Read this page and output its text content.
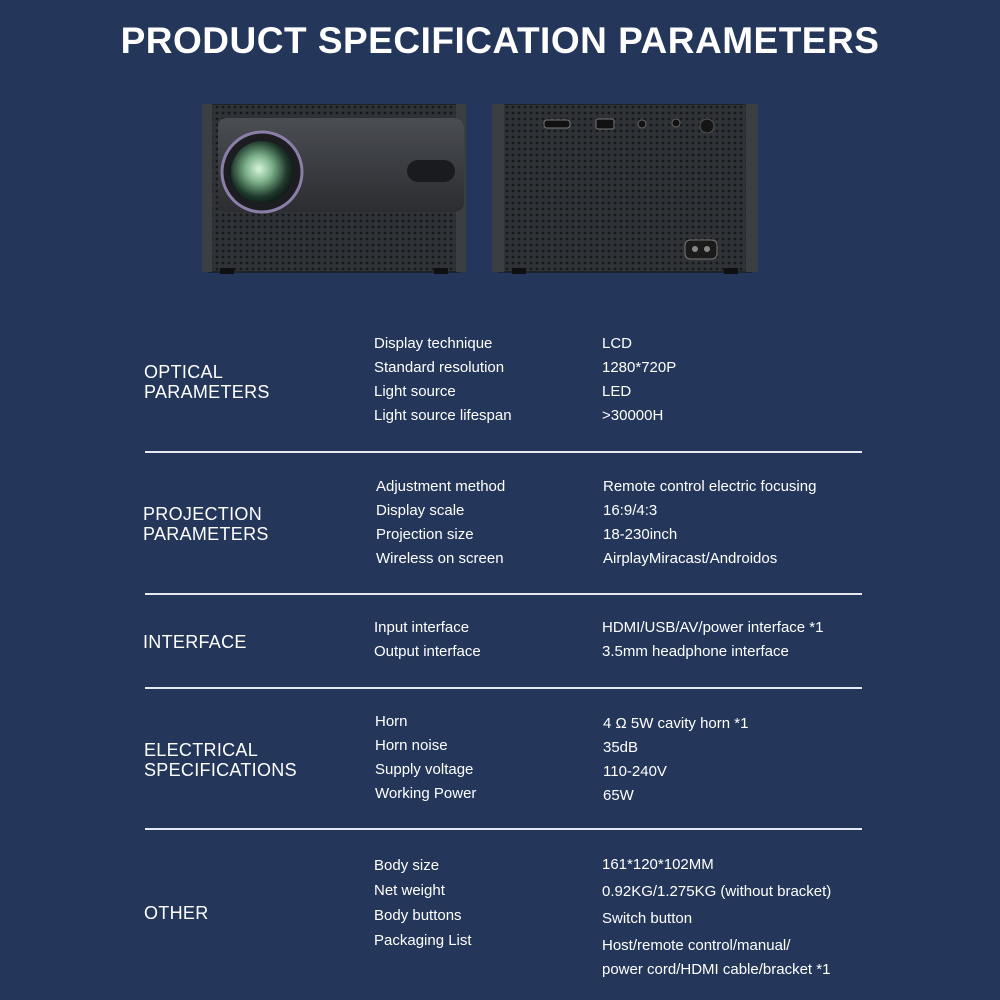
PRODUCT SPECIFICATION PARAMETERS
OPTICAL
PARAMETERS
Display technique	LCD
Standard resolution	1280*720P
Light source	LED
Light source lifespan	>30000H
PROJECTION
PARAMETERS
Adjustment method	Remote control electric focusing
Display scale	16:9/4:3
Projection size	18-230inch
Wireless on screen	AirplayMiracast/Androidos
INTERFACE
Input interface	HDMI/USB/AV/power interface *1
Output interface	3.5mm headphone interface
ELECTRICAL
SPECIFICATIONS
Horn	4 Ω 5W cavity horn *1
Horn noise	35dB
Supply voltage	110-240V
Working Power	65W
OTHER
Body size	161*120*102MM
Net weight	0.92KG/1.275KG (without bracket)
Body buttons	Switch button
Packaging List	Host/remote control/manual/
power cord/HDMI cable/bracket *1
